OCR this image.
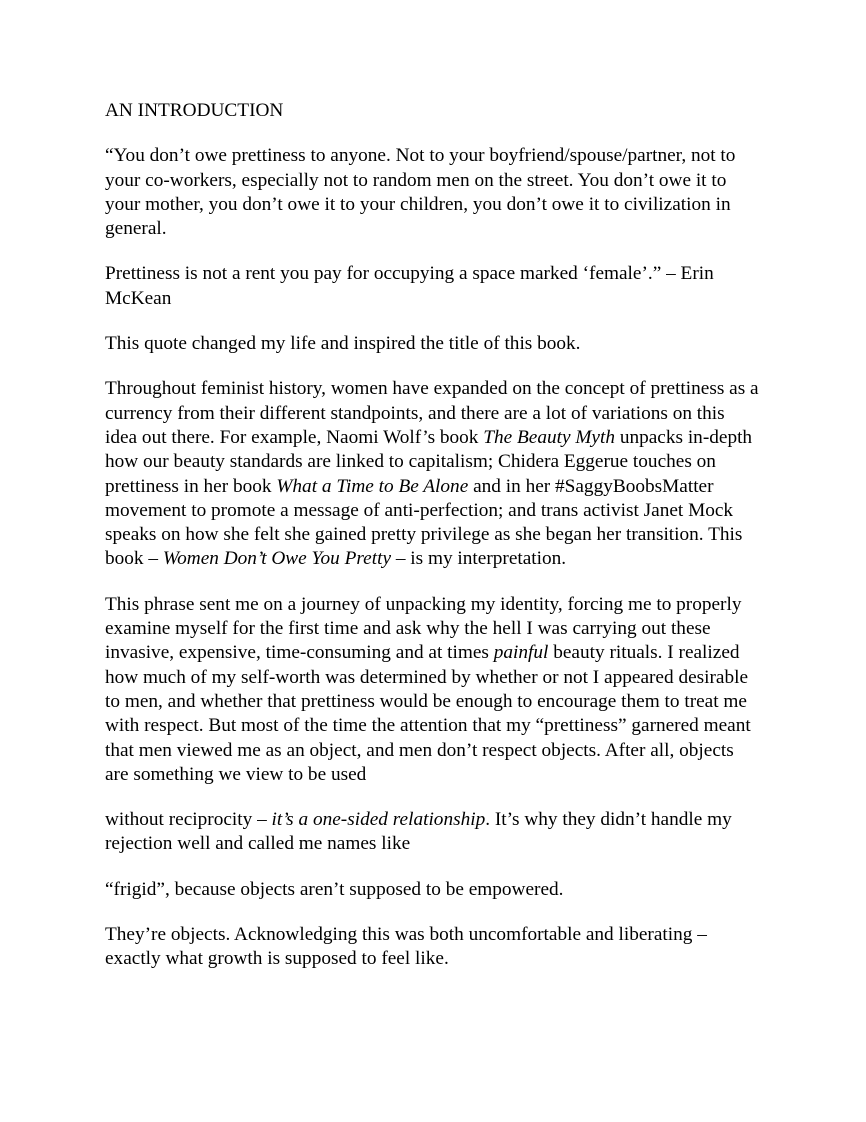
AN INTRODUCTION

“You don’t owe prettiness to anyone. Not to your boyfriend/spouse/partner, not to your co-workers, especially not to random men on the street. You don’t owe it to your mother, you don’t owe it to your children, you don’t owe it to civilization in general.

Prettiness is not a rent you pay for occupying a space marked ‘female’.” – Erin McKean

This quote changed my life and inspired the title of this book.

Throughout feminist history, women have expanded on the concept of prettiness as a currency from their different standpoints, and there are a lot of variations on this idea out there. For example, Naomi Wolf’s book The Beauty Myth unpacks in-depth how our beauty standards are linked to capitalism; Chidera Eggerue touches on prettiness in her book What a Time to Be Alone and in her #SaggyBoobsMatter movement to promote a message of anti-perfection; and trans activist Janet Mock speaks on how she felt she gained pretty privilege as she began her transition. This book – Women Don’t Owe You Pretty – is my interpretation.

This phrase sent me on a journey of unpacking my identity, forcing me to properly examine myself for the first time and ask why the hell I was carrying out these invasive, expensive, time-consuming and at times painful beauty rituals. I realized how much of my self-worth was determined by whether or not I appeared desirable to men, and whether that prettiness would be enough to encourage them to treat me with respect. But most of the time the attention that my “prettiness” garnered meant that men viewed me as an object, and men don’t respect objects. After all, objects are something we view to be used

without reciprocity – it’s a one-sided relationship. It’s why they didn’t handle my rejection well and called me names like

“frigid”, because objects aren’t supposed to be empowered.

They’re objects. Acknowledging this was both uncomfortable and liberating – exactly what growth is supposed to feel like.
